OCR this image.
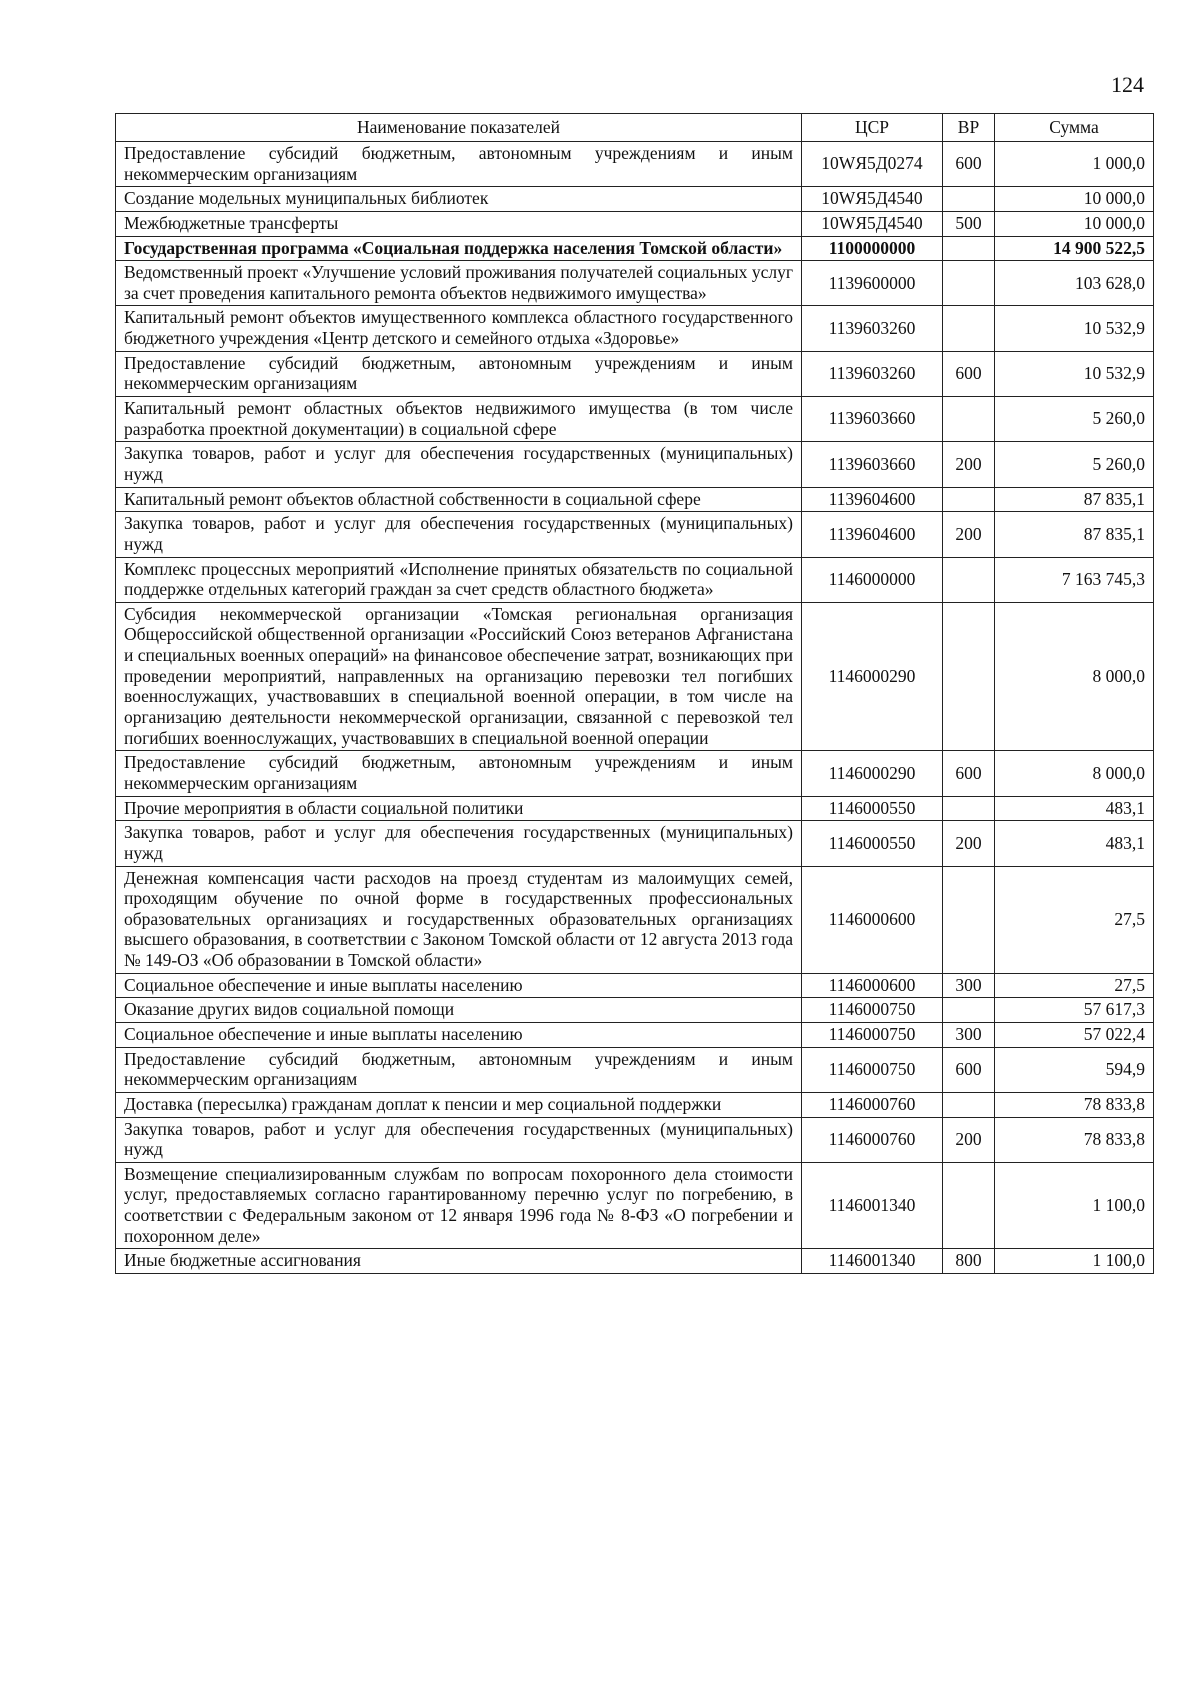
124
Наименование показателей	ЦСР	ВР	Сумма
Предоставление субсидий бюджетным, автономным учреждениям и иным некоммерческим организациям	10WЯ5Д0274	600	1 000,0
Создание модельных муниципальных библиотек	10WЯ5Д4540		10 000,0
Межбюджетные трансферты	10WЯ5Д4540	500	10 000,0
Государственная программа «Социальная поддержка населения Томской области»	1100000000		14 900 522,5
Ведомственный проект «Улучшение условий проживания получателей социальных услуг за счет проведения капитального ремонта объектов недвижимого имущества»	1139600000		103 628,0
Капитальный ремонт объектов имущественного комплекса областного государственного бюджетного учреждения «Центр детского и семейного отдыха «Здоровье»	1139603260		10 532,9
Предоставление субсидий бюджетным, автономным учреждениям и иным некоммерческим организациям	1139603260	600	10 532,9
Капитальный ремонт областных объектов недвижимого имущества (в том числе разработка проектной документации) в социальной сфере	1139603660		5 260,0
Закупка товаров, работ и услуг для обеспечения государственных (муниципальных) нужд	1139603660	200	5 260,0
Капитальный ремонт объектов областной собственности в социальной сфере	1139604600		87 835,1
Закупка товаров, работ и услуг для обеспечения государственных (муниципальных) нужд	1139604600	200	87 835,1
Комплекс процессных мероприятий «Исполнение принятых обязательств по социальной поддержке отдельных категорий граждан за счет средств областного бюджета»	1146000000		7 163 745,3
Субсидия некоммерческой организации «Томская региональная организация Общероссийской общественной организации «Российский Союз ветеранов Афганистана и специальных военных операций» на финансовое обеспечение затрат, возникающих при проведении мероприятий, направленных на организацию перевозки тел погибших военнослужащих, участвовавших в специальной военной операции, в том числе на организацию деятельности некоммерческой организации, связанной с перевозкой тел погибших военнослужащих, участвовавших в специальной военной операции	1146000290		8 000,0
Предоставление субсидий бюджетным, автономным учреждениям и иным некоммерческим организациям	1146000290	600	8 000,0
Прочие мероприятия в области социальной политики	1146000550		483,1
Закупка товаров, работ и услуг для обеспечения государственных (муниципальных) нужд	1146000550	200	483,1
Денежная компенсация части расходов на проезд студентам из малоимущих семей, проходящим обучение по очной форме в государственных профессиональных образовательных организациях и государственных образовательных организациях высшего образования, в соответствии с Законом Томской области от 12 августа 2013 года № 149-ОЗ «Об образовании в Томской области»	1146000600		27,5
Социальное обеспечение и иные выплаты населению	1146000600	300	27,5
Оказание других видов социальной помощи	1146000750		57 617,3
Социальное обеспечение и иные выплаты населению	1146000750	300	57 022,4
Предоставление субсидий бюджетным, автономным учреждениям и иным некоммерческим организациям	1146000750	600	594,9
Доставка (пересылка) гражданам доплат к пенсии и мер социальной поддержки	1146000760		78 833,8
Закупка товаров, работ и услуг для обеспечения государственных (муниципальных) нужд	1146000760	200	78 833,8
Возмещение специализированным службам по вопросам похоронного дела стоимости услуг, предоставляемых согласно гарантированному перечню услуг по погребению, в соответствии с Федеральным законом от 12 января 1996 года № 8-ФЗ «О погребении и похоронном деле»	1146001340		1 100,0
Иные бюджетные ассигнования	1146001340	800	1 100,0
